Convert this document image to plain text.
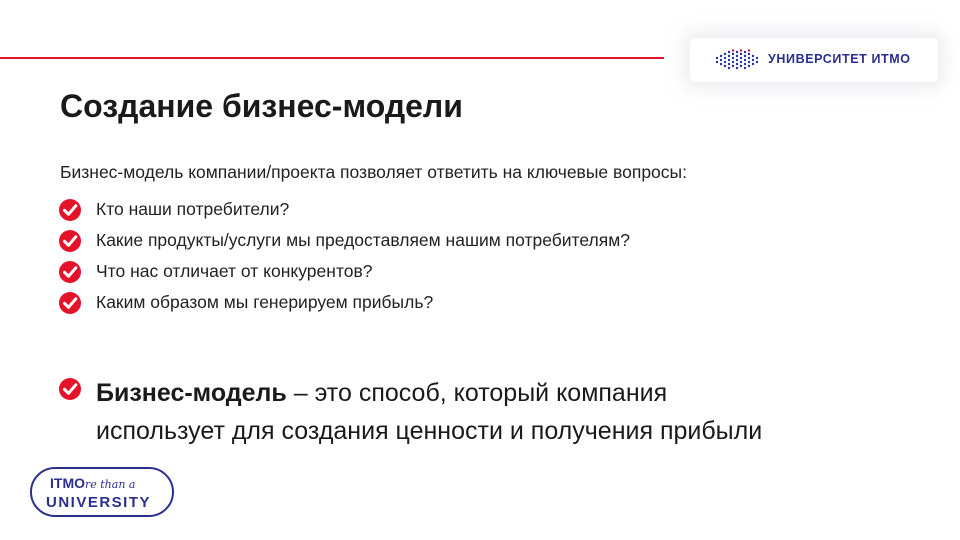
УНИВЕРСИТЕТ ИТМО
Создание бизнес-модели
Бизнес-модель компании/проекта позволяет ответить на ключевые вопросы:
Кто наши потребители?
Какие продукты/услуги мы предоставляем нашим потребителям?
Что нас отличает от конкурентов?
Каким образом мы генерируем прибыль?
Бизнес-модель – это способ, который компания
использует для создания ценности и получения прибыли
ITMOre than a
UNIVERSITY
